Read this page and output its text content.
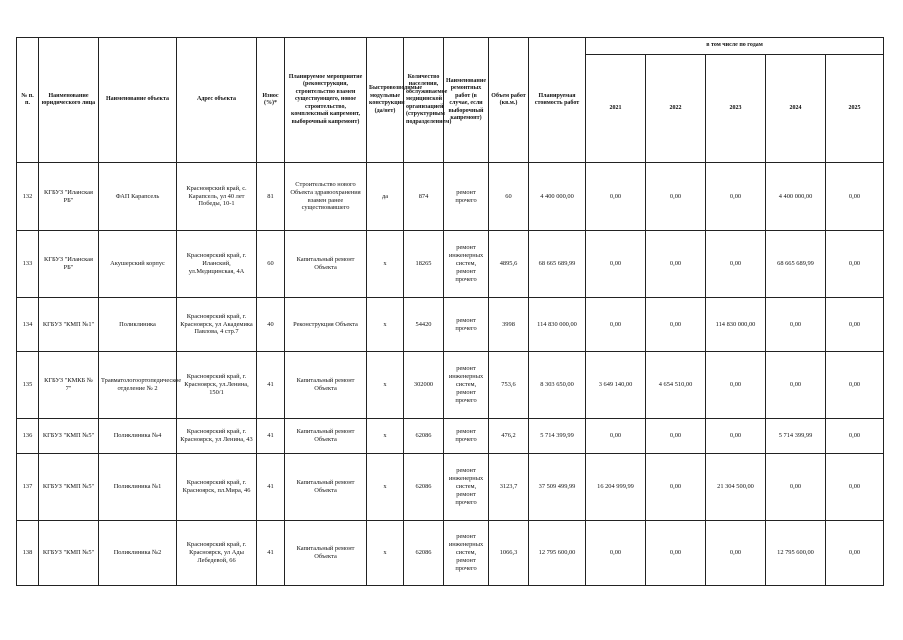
№ п. п.	Наименование юридического лица	Наименование объекта	Адрес объекта	Износ (%)*	Планируемое мероприятие (реконструкция, строительство взамен существующего, новое строительство, комплексный капремонт, выборочный капремонт)	Быстровозводимые модульные конструкции (да/нет)	Количество населения, обслуживаемое медицинской организацией (структурным подразделением)	Наименование ремонтных работ (в случае, если выборочный капремонт)	Объем работ (кв.м.)	Планируемая стоимость работ	в том числе по годам				
											2021	2022	2023	2024	2025
132	КГБУЗ "Иланская РБ"	ФАП Карапсель	Красноярский край, с. Карапсель, ул 40 лет Победы, 10-1	81	Строительство нового Объекта здравоохранения взамен ранее существовавшего	да	874	ремонт прочего	60	4 400 000,00	0,00	0,00	0,00	4 400 000,00	0,00
133	КГБУЗ "Иланская РБ"	Акушерский корпус	Красноярский край, г. Иланский, ул.Медицинская, 4А	60	Капитальный ремонт Объекта	х	18265	ремонт инженерных систем, ремонт прочего	4895,6	68 665 689,99	0,00	0,00	0,00	68 665 689,99	0,00
134	КГБУЗ "КМП №1"	Поликлиника	Красноярский край, г. Красноярск, ул Академика Павлова, 4 стр.7	40	Реконструкция Объекта	х	54420	ремонт прочего	3998	114 830 000,00	0,00	0,00	114 830 000,00	0,00	0,00
135	КГБУЗ "КМКБ № 7"	Травматологоортопедическое отделение № 2	Красноярский край, г. Красноярск, ул.Ленина, 150/1	41	Капитальный ремонт Объекта	х	302000	ремонт инженерных систем, ремонт прочего	753,6	8 303 650,00	3 649 140,00	4 654 510,00	0,00	0,00	0,00
136	КГБУЗ "КМП №5"	Поликлиника №4	Красноярский край, г. Красноярск, ул Ленина, 43	41	Капитальный ремонт Объекта	х	62086	ремонт прочего	476,2	5 714 399,99	0,00	0,00	0,00	5 714 399,99	0,00
137	КГБУЗ "КМП №5"	Поликлиника №1	Красноярский край, г. Красноярск, пл.Мира, 46	41	Капитальный ремонт Объекта	х	62086	ремонт инженерных систем, ремонт прочего	3123,7	37 509 499,99	16 204 999,99	0,00	21 304 500,00	0,00	0,00
138	КГБУЗ "КМП №5"	Поликлиника №2	Красноярский край, г. Красноярск, ул Ады Лебедевой, 66	41	Капитальный ремонт Объекта	х	62086	ремонт инженерных систем, ремонт прочего	1066,3	12 795 600,00	0,00	0,00	0,00	12 795 600,00	0,00
